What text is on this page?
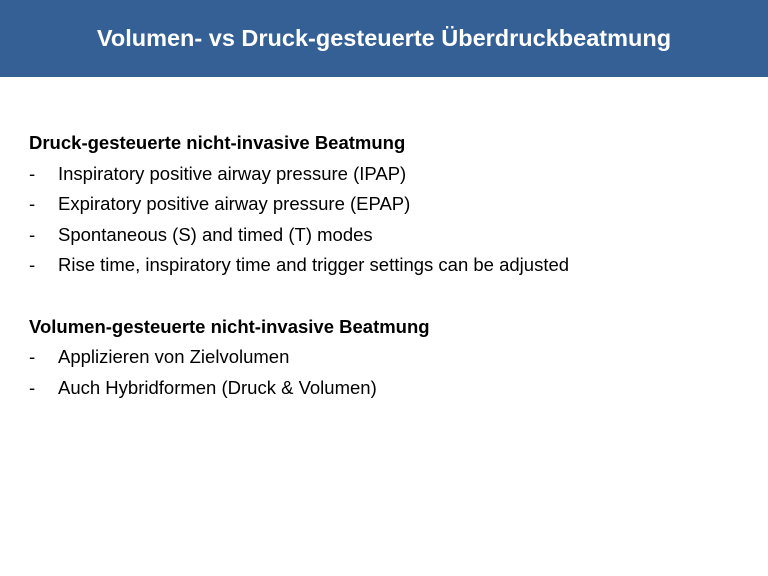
Volumen- vs Druck-gesteuerte Überdruckbeatmung
Druck-gesteuerte nicht-invasive Beatmung
-	Inspiratory positive airway pressure (IPAP)
-	Expiratory positive airway pressure (EPAP)
-	Spontaneous (S) and timed (T) modes
-	Rise time, inspiratory time and trigger settings can be adjusted
Volumen-gesteuerte nicht-invasive Beatmung
-	Applizieren von Zielvolumen
-	Auch Hybridformen (Druck & Volumen)
